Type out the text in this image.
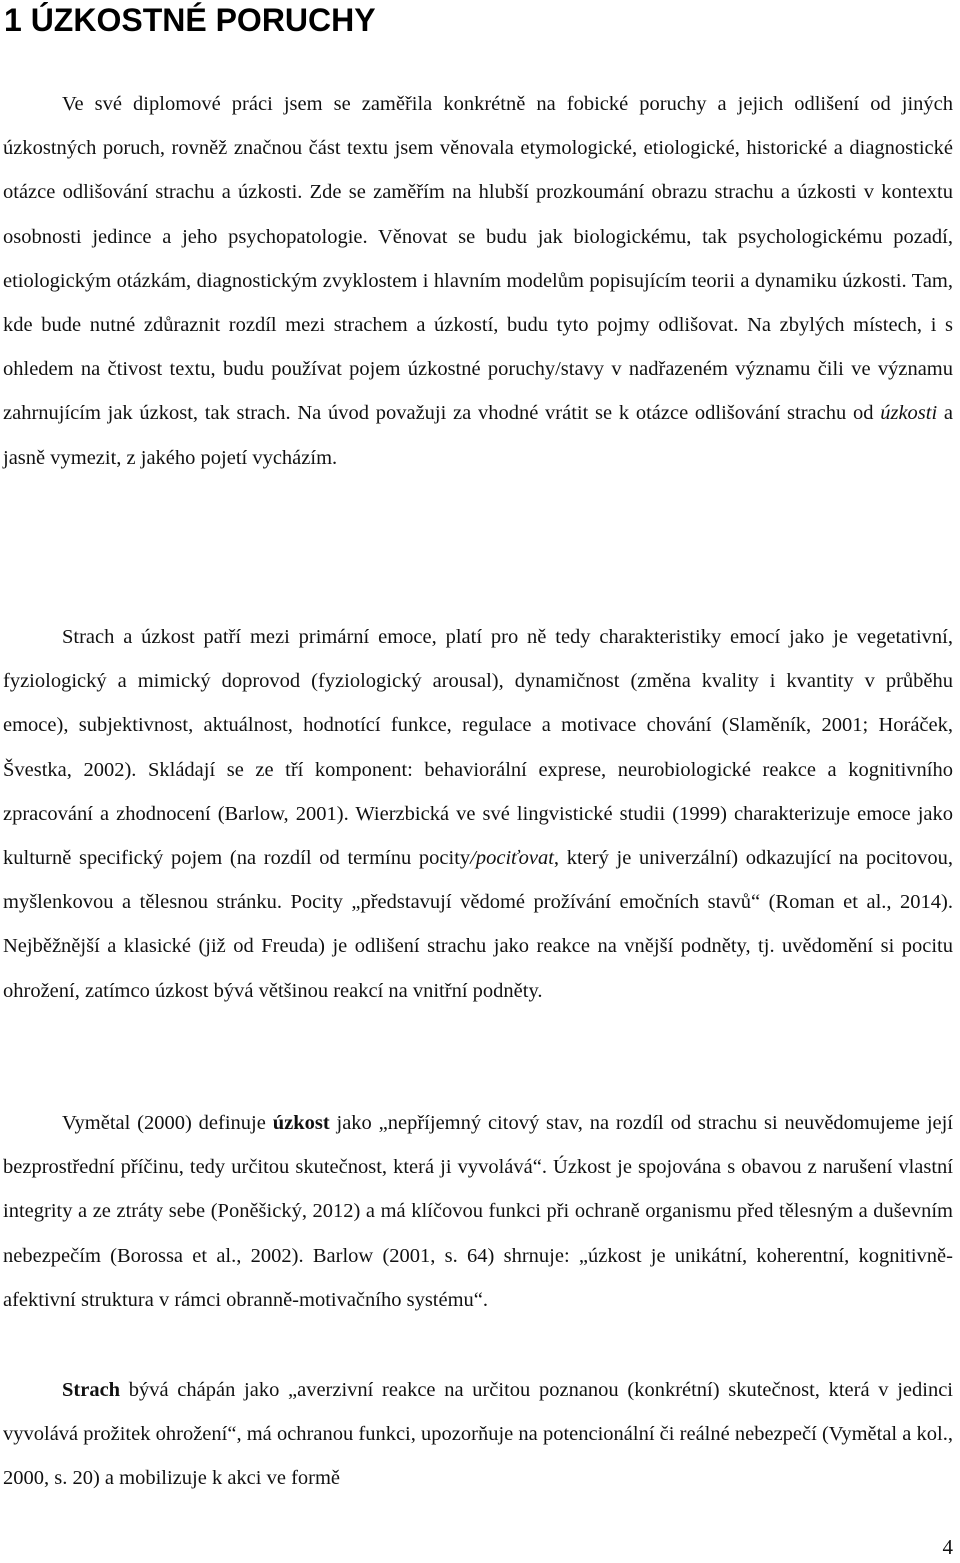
1 ÚZKOSTNÉ PORUCHY

Ve své diplomové práci jsem se zaměřila konkrétně na fobické poruchy a jejich odlišení od jiných úzkostných poruch, rovněž značnou část textu jsem věnovala etymologické, etiologické, historické a diagnostické otázce odlišování strachu a úzkosti. Zde se zaměřím na hlubší prozkoumání obrazu strachu a úzkosti v kontextu osobnosti jedince a jeho psychopatologie. Věnovat se budu jak biologickému, tak psychologickému pozadí, etiologickým otázkám, diagnostickým zvyklostem i hlavním modelům popisujícím teorii a dynamiku úzkosti. Tam, kde bude nutné zdůraznit rozdíl mezi strachem a úzkostí, budu tyto pojmy odlišovat. Na zbylých místech, i s ohledem na čtivost textu, budu používat pojem úzkostné poruchy/stavy v nadřazeném významu čili ve významu zahrnujícím jak úzkost, tak strach. Na úvod považuji za vhodné vrátit se k otázce odlišování strachu od úzkosti a jasně vymezit, z jakého pojetí vycházím.

Strach a úzkost patří mezi primární emoce, platí pro ně tedy charakteristiky emocí jako je vegetativní, fyziologický a mimický doprovod (fyziologický arousal), dynamičnost (změna kvality i kvantity v průběhu emoce), subjektivnost, aktuálnost, hodnotící funkce, regulace a motivace chování (Slaměník, 2001; Horáček, Švestka, 2002). Skládají se ze tří komponent: behaviorální exprese, neurobiologické reakce a kognitivního zpracování a zhodnocení (Barlow, 2001). Wierzbická ve své lingvistické studii (1999) charakterizuje emoce jako kulturně specifický pojem (na rozdíl od termínu pocity/pociťovat, který je univerzální) odkazující na pocitovou, myšlenkovou a tělesnou stránku. Pocity „představují vědomé prožívání emočních stavů“ (Roman et al., 2014). Nejběžnější a klasické (již od Freuda) je odlišení strachu jako reakce na vnější podněty, tj. uvědomění si pocitu ohrožení, zatímco úzkost bývá většinou reakcí na vnitřní podněty.

Vymětal (2000) definuje úzkost jako „nepříjemný citový stav, na rozdíl od strachu si neuvědomujeme její bezprostřední příčinu, tedy určitou skutečnost, která ji vyvolává“. Úzkost je spojována s obavou z narušení vlastní integrity a ze ztráty sebe (Poněšický, 2012) a má klíčovou funkci při ochraně organismu před tělesným a duševním nebezpečím (Borossa et al., 2002). Barlow (2001, s. 64) shrnuje: „úzkost je unikátní, koherentní, kognitivně-afektivní struktura v rámci obranně-motivačního systému“.

Strach bývá chápán jako „averzivní reakce na určitou poznanou (konkrétní) skutečnost, která v jedinci vyvolává prožitek ohrožení“, má ochranou funkci, upozorňuje na potencionální či reálné nebezpečí (Vymětal a kol., 2000, s. 20) a mobilizuje k akci ve formě

4
